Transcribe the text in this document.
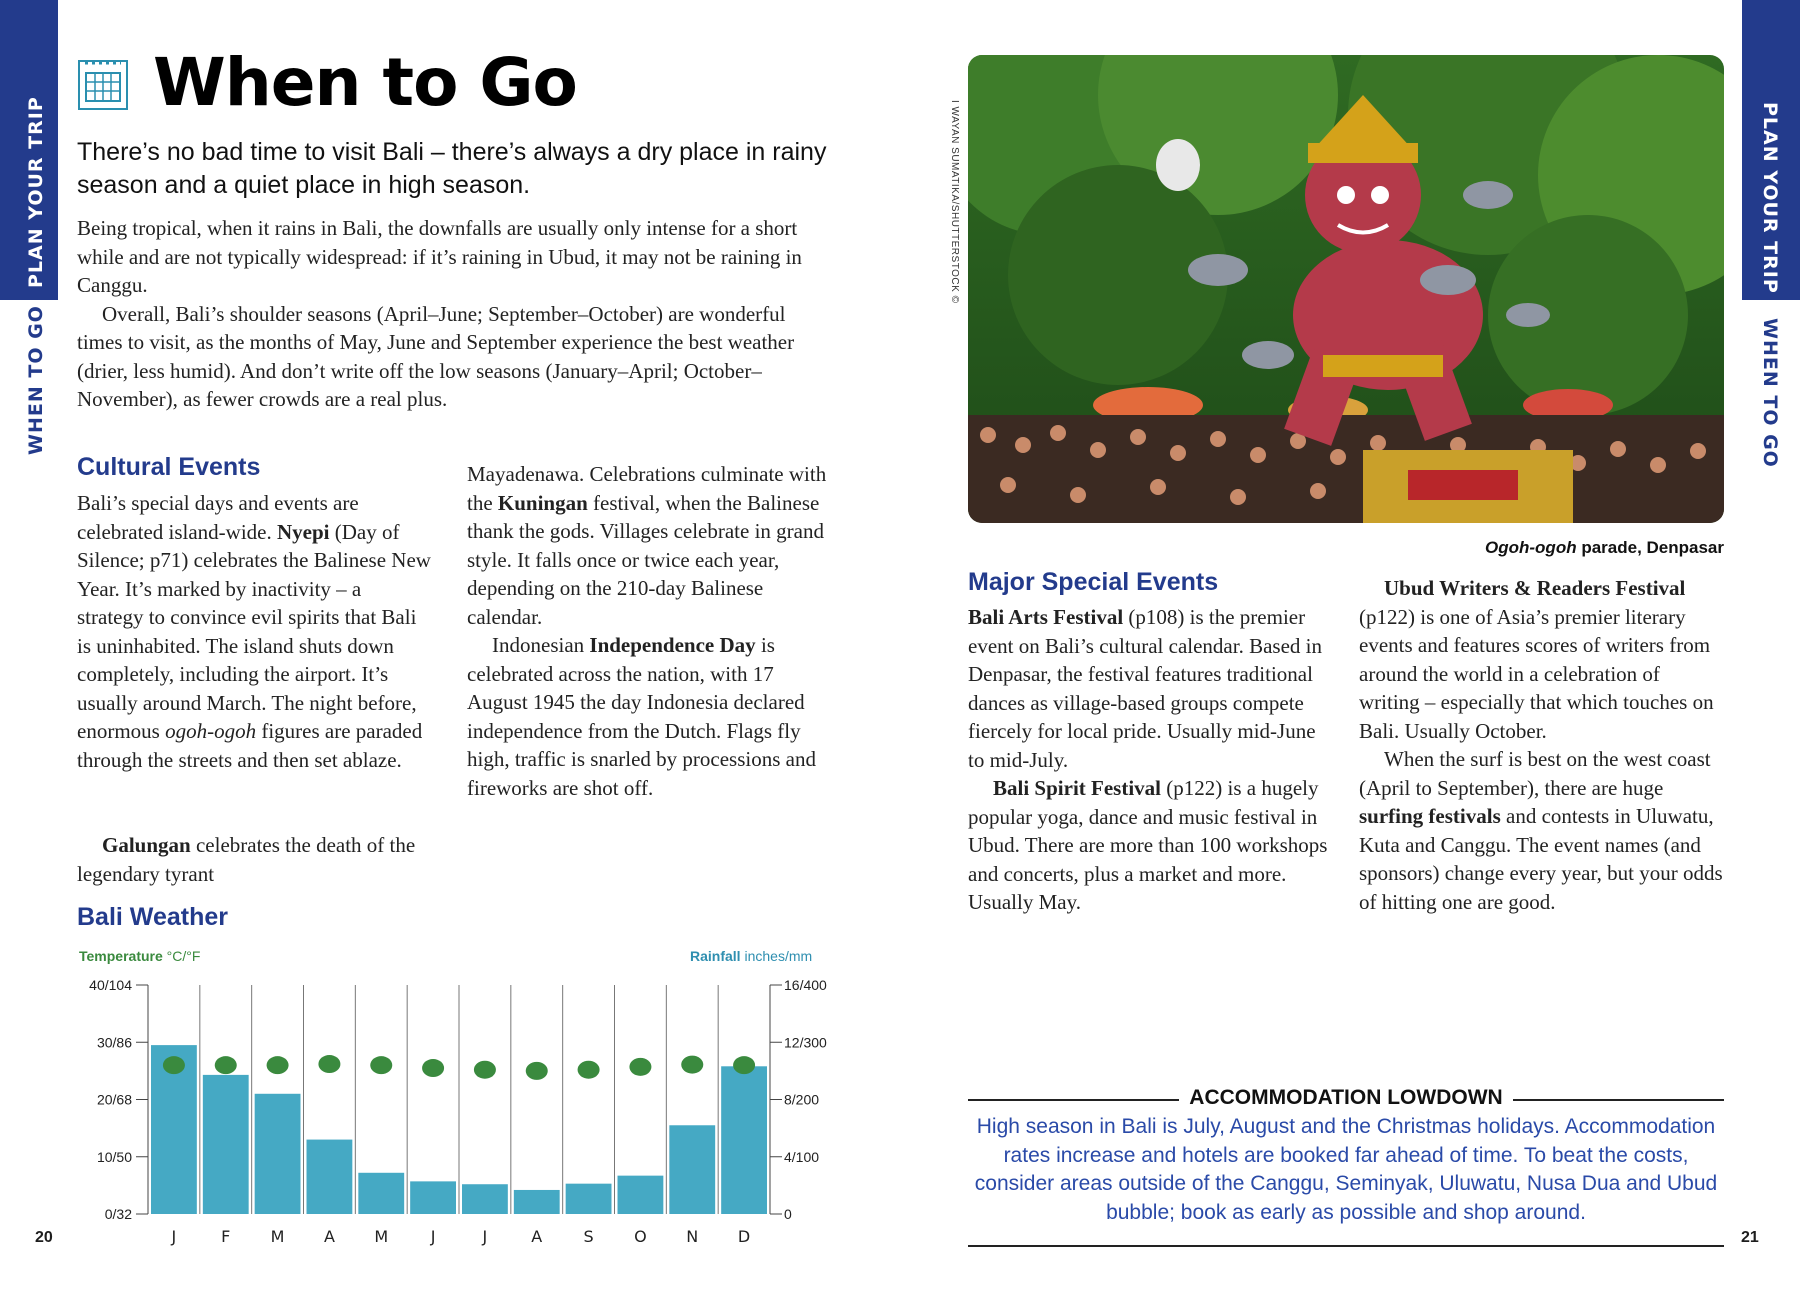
PLAN YOUR TRIP
WHEN TO GO
When to Go
There’s no bad time to visit Bali – there’s always a dry place in rainy season and a quiet place in high season.

Being tropical, when it rains in Bali, the downfalls are usually only intense for a short while and are not typically widespread: if it’s raining in Ubud, it may not be raining in Canggu.

Overall, Bali’s shoulder seasons (April–June; September–October) are wonderful times to visit, as the months of May, June and September experience the best weather (drier, less humid). And don’t write off the low seasons (January–April; October–November), as fewer crowds are a real plus.

Cultural Events

Bali’s special days and events are celebrated island-wide. Nyepi (Day of Silence; p71) celebrates the Balinese New Year. It’s marked by inactivity – a strategy to convince evil spirits that Bali is uninhabited. The island shuts down completely, including the airport. It’s usually around March. The night before, enormous ogoh-ogoh figures are paraded through the streets and then set ablaze.

Galungan celebrates the death of the legendary tyrant

Mayadenawa. Celebrations culminate with the Kuningan festival, when the Balinese thank the gods. Villages celebrate in grand style. It falls once or twice each year, depending on the 210-day Balinese calendar.

Indonesian Independence Day is celebrated across the nation, with 17 August 1945 the day Indonesia declared independence from the Dutch. Flags fly high, traffic is snarled by processions and fireworks are shot off.

Bali Weather
Temperature °C/°F	Rainfall inches/mm
40/104
30/86
20/68
10/50
0/32
16/400
12/300
8/200
4/100
0
J	F	M A M	J	J	A	S	O N D
20
PLAN YOUR TRIP
WHEN TO GO
I WAYAN SUMATIKA/SHUTTERSTOCK ©
Ogoh-ogoh parade, Denpasar
Major Special Events

Bali Arts Festival (p108) is the premier event on Bali’s cultural calendar. Based in Denpasar, the festival features traditional dances as village-based groups compete fiercely for local pride. Usually mid-June to mid-July.

Bali Spirit Festival (p122) is a hugely popular yoga, dance and music festival in Ubud. There are more than 100 workshops and concerts, plus a market and more. Usually May.

Ubud Writers & Readers Festival (p122) is one of Asia’s premier literary events and features scores of writers from around the world in a celebration of writing – especially that which touches on Bali. Usually October.

When the surf is best on the west coast (April to September), there are huge surfing festivals and contests in Uluwatu, Kuta and Canggu. The event names (and sponsors) change every year, but your odds of hitting one are good.

ACCOMMODATION LOWDOWN
High season in Bali is July, August and the Christmas holidays. Accommodation rates increase and hotels are booked far ahead of time. To beat the costs, consider areas outside of the Canggu, Seminyak, Uluwatu, Nusa Dua and Ubud bubble; book as early as possible and shop around.
21
